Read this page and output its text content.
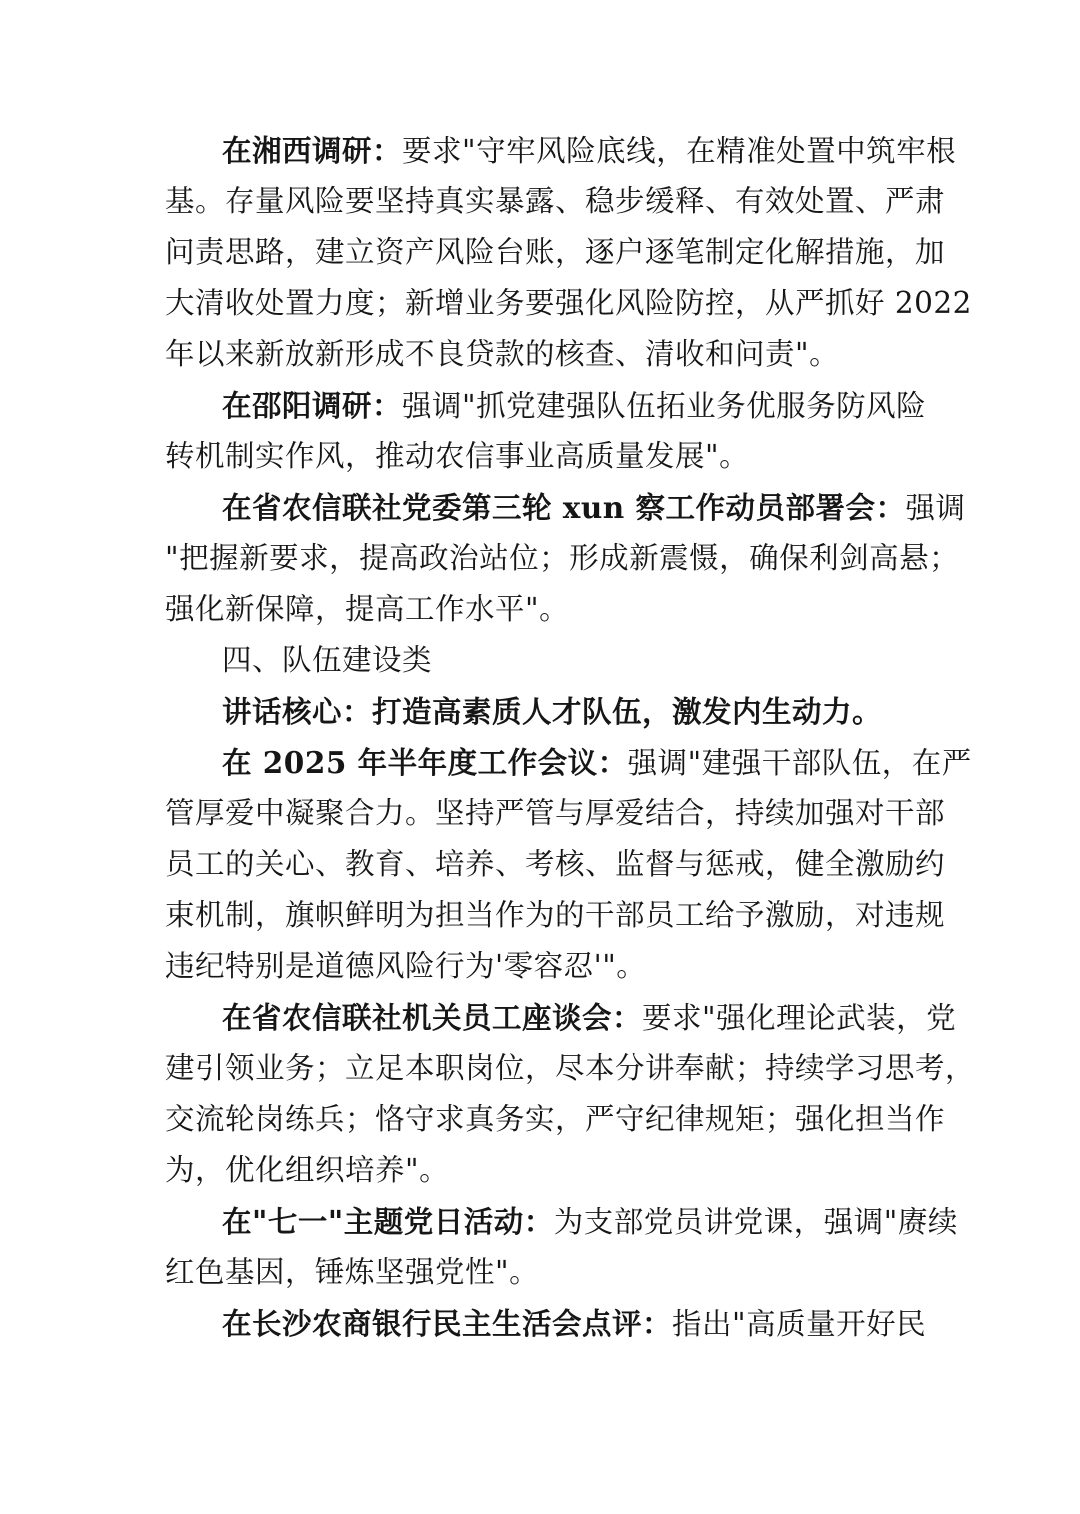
在湘西调研：要求"守牢风险底线，在精准处置中筑牢根
基。存量风险要坚持真实暴露、稳步缓释、有效处置、严肃
问责思路，建立资产风险台账，逐户逐笔制定化解措施，加
大清收处置力度；新增业务要强化风险防控，从严抓好 2022
年以来新放新形成不良贷款的核查、清收和问责"。
在邵阳调研：强调"抓党建强队伍拓业务优服务防风险
转机制实作风，推动农信事业高质量发展"。
在省农信联社党委第三轮 xun 察工作动员部署会：强调
"把握新要求，提高政治站位；形成新震慑，确保利剑高悬；
强化新保障，提高工作水平"。
四、队伍建设类
讲话核心：打造高素质人才队伍，激发内生动力。
在 2025 年半年度工作会议：强调"建强干部队伍，在严
管厚爱中凝聚合力。坚持严管与厚爱结合，持续加强对干部
员工的关心、教育、培养、考核、监督与惩戒，健全激励约
束机制，旗帜鲜明为担当作为的干部员工给予激励，对违规
违纪特别是道德风险行为'零容忍'"。
在省农信联社机关员工座谈会：要求"强化理论武装，党
建引领业务；立足本职岗位，尽本分讲奉献；持续学习思考，
交流轮岗练兵；恪守求真务实，严守纪律规矩；强化担当作
为，优化组织培养"。
在"七一"主题党日活动：为支部党员讲党课，强调"赓续
红色基因，锤炼坚强党性"。
在长沙农商银行民主生活会点评：指出"高质量开好民
